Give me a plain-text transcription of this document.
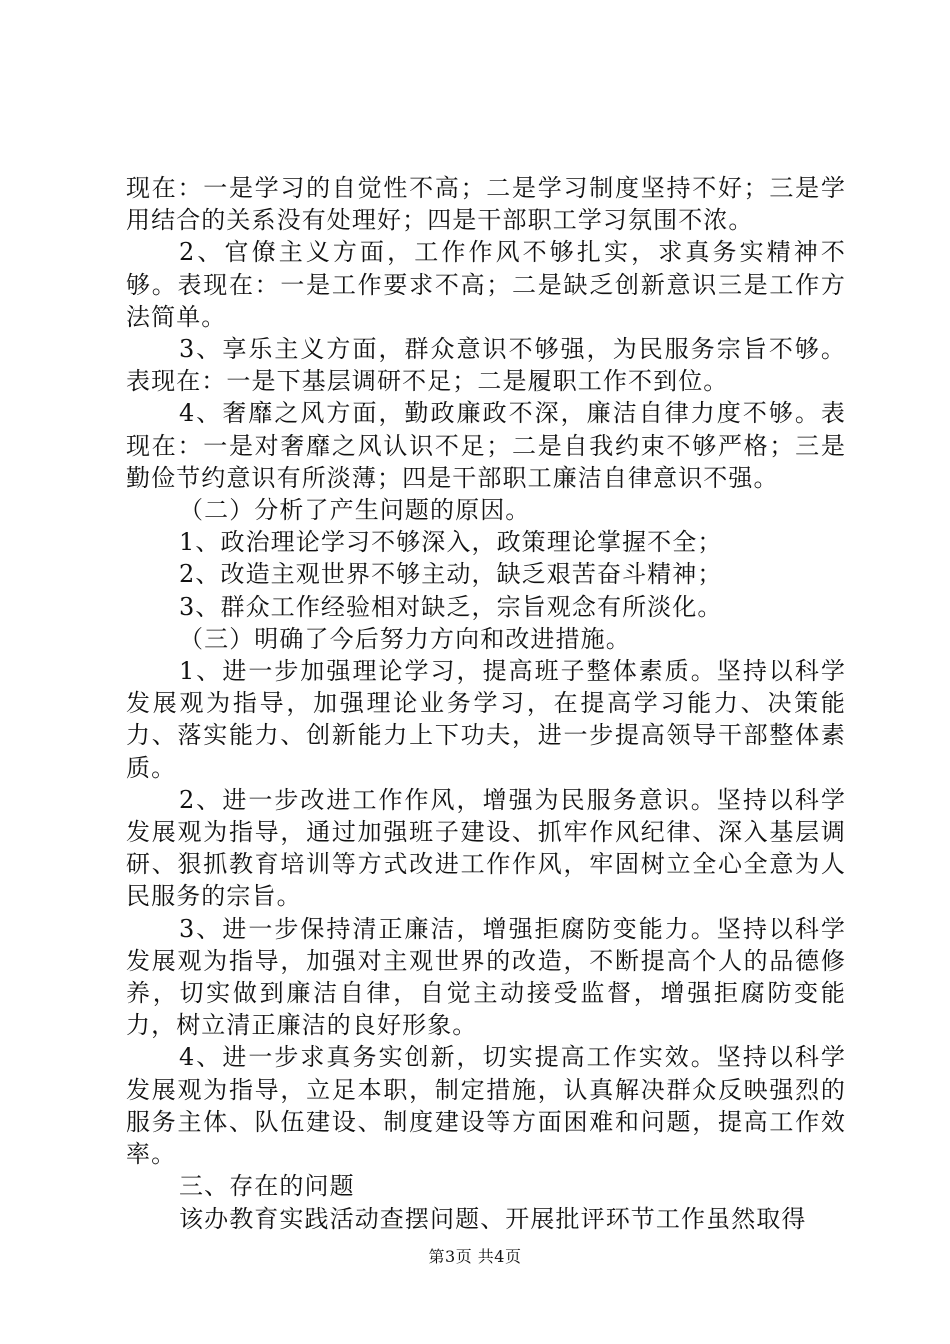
现在：一是学习的自觉性不高；二是学习制度坚持不好；三是学用结合的关系没有处理好；四是干部职工学习氛围不浓。

2、官僚主义方面，工作作风不够扎实，求真务实精神不够。表现在：一是工作要求不高；二是缺乏创新意识三是工作方法简单。

3、享乐主义方面，群众意识不够强，为民服务宗旨不够。表现在：一是下基层调研不足；二是履职工作不到位。

4、奢靡之风方面，勤政廉政不深，廉洁自律力度不够。表现在：一是对奢靡之风认识不足；二是自我约束不够严格；三是勤俭节约意识有所淡薄；四是干部职工廉洁自律意识不强。

（二）分析了产生问题的原因。

1、政治理论学习不够深入，政策理论掌握不全；

2、改造主观世界不够主动，缺乏艰苦奋斗精神；

3、群众工作经验相对缺乏，宗旨观念有所淡化。

（三）明确了今后努力方向和改进措施。

1、进一步加强理论学习，提高班子整体素质。坚持以科学发展观为指导，加强理论业务学习，在提高学习能力、决策能力、落实能力、创新能力上下功夫，进一步提高领导干部整体素质。

2、进一步改进工作作风，增强为民服务意识。坚持以科学发展观为指导，通过加强班子建设、抓牢作风纪律、深入基层调研、狠抓教育培训等方式改进工作作风，牢固树立全心全意为人民服务的宗旨。

3、进一步保持清正廉洁，增强拒腐防变能力。坚持以科学发展观为指导，加强对主观世界的改造，不断提高个人的品德修养，切实做到廉洁自律，自觉主动接受监督，增强拒腐防变能力，树立清正廉洁的良好形象。

4、进一步求真务实创新，切实提高工作实效。坚持以科学发展观为指导，立足本职，制定措施，认真解决群众反映强烈的服务主体、队伍建设、制度建设等方面困难和问题，提高工作效率。

三、存在的问题

该办教育实践活动查摆问题、开展批评环节工作虽然取得

第3页 共4页
